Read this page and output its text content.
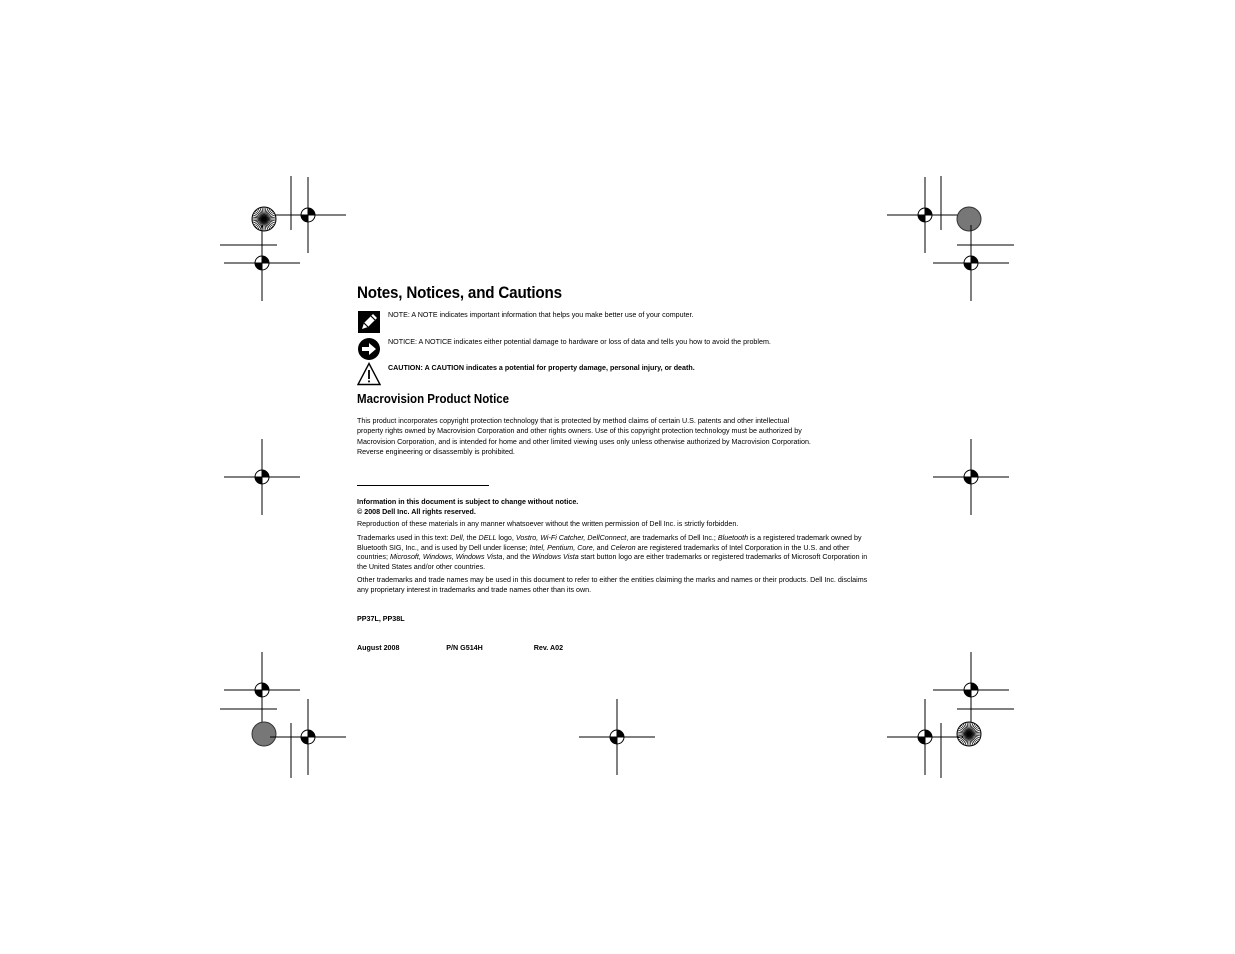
Notes, Notices, and Cautions
NOTE: A NOTE indicates important information that helps you make better use of your computer.
NOTICE: A NOTICE indicates either potential damage to hardware or loss of data and tells you how to avoid the problem.
CAUTION: A CAUTION indicates a potential for property damage, personal injury, or death.
Macrovision Product Notice
This product incorporates copyright protection technology that is protected by method claims of certain U.S. patents and other intellectual
property rights owned by Macrovision Corporation and other rights owners. Use of this copyright protection technology must be authorized by
Macrovision Corporation, and is intended for home and other limited viewing uses only unless otherwise authorized by Macrovision Corporation.
Reverse engineering or disassembly is prohibited.
Information in this document is subject to change without notice.
© 2008 Dell Inc. All rights reserved.
Reproduction of these materials in any manner whatsoever without the written permission of Dell Inc. is strictly forbidden.
Trademarks used in this text: Dell, the DELL logo, Vostro, Wi-Fi Catcher, DellConnect, are trademarks of Dell Inc.; Bluetooth is a registered trademark owned by Bluetooth SIG, Inc., and is used by Dell under license; Intel, Pentium, Core, and Celeron are registered trademarks of Intel Corporation in the U.S. and other countries; Microsoft, Windows, Windows Vista, and the Windows Vista start button logo are either trademarks or registered trademarks of Microsoft Corporation in the United States and/or other countries.
Other trademarks and trade names may be used in this document to refer to either the entities claiming the marks and names or their products. Dell Inc. disclaims any proprietary interest in trademarks and trade names other than its own.
PP37L, PP38L
August 2008	P/N G514H	Rev. A02
